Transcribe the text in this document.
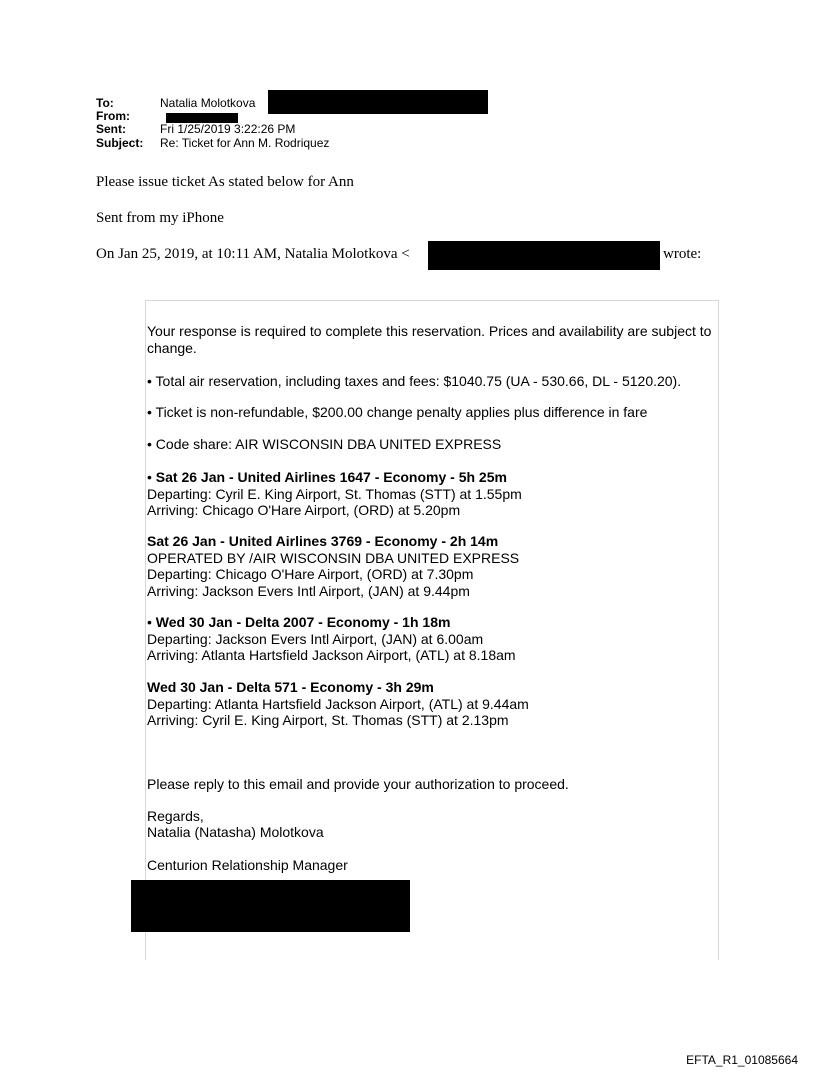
To:	Natalia Molotkova
From:
Sent:	Fri 1/25/2019 3:22:26 PM
Subject: Re: Ticket for Ann M. Rodriquez
Please issue ticket As stated below for Ann
Sent from my iPhone
On Jan 25, 2019, at 10:11 AM, Natalia Molotkova <	wrote:
Your response is required to complete this reservation. Prices and availability are subject to change.
• Total air reservation, including taxes and fees: $1040.75 (UA - 530.66, DL - 5120.20).
• Ticket is non-refundable, $200.00 change penalty applies plus difference in fare
• Code share: AIR WISCONSIN DBA UNITED EXPRESS

• Sat 26 Jan - United Airlines 1647 - Economy - 5h 25m

Departing: Cyril E. King Airport, St. Thomas (STT) at 1.55pm

Arriving: Chicago O'Hare Airport, (ORD) at 5.20pm

Sat 26 Jan - United Airlines 3769 - Economy - 2h 14m

OPERATED BY /AIR WISCONSIN DBA UNITED EXPRESS

Departing: Chicago O'Hare Airport, (ORD) at 7.30pm

Arriving: Jackson Evers Intl Airport, (JAN) at 9.44pm

• Wed 30 Jan - Delta 2007 - Economy - 1h 18m

Departing: Jackson Evers Intl Airport, (JAN) at 6.00am

Arriving: Atlanta Hartsfield Jackson Airport, (ATL) at 8.18am

Wed 30 Jan - Delta 571 - Economy - 3h 29m

Departing: Atlanta Hartsfield Jackson Airport, (ATL) at 9.44am

Arriving: Cyril E. King Airport, St. Thomas (STT) at 2.13pm

Please reply to this email and provide your authorization to proceed.
Regards,
Natalia (Natasha) Molotkova
Centurion Relationship Manager
EFTA_R1_01085664
